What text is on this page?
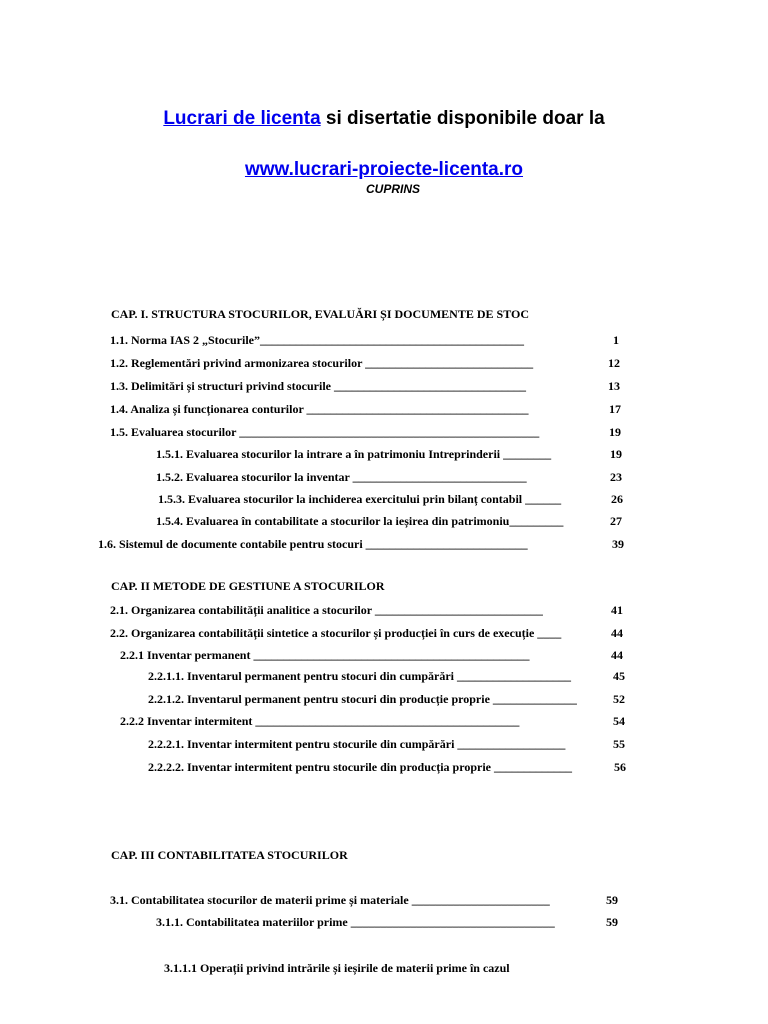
Lucrari de licenta si disertatie disponibile doar la
www.lucrari-proiecte-licenta.ro
CUPRINS
CAP. I. STRUCTURA STOCURILOR, EVALUĂRI ȘI DOCUMENTE DE STOC
1.1. Norma IAS 2 „Stocurile”____________________________________________	1
1.2. Reglementări privind armonizarea stocurilor ____________________________	12
1.3. Delimitări și structuri privind stocurile ________________________________	13
1.4. Analiza și funcționarea conturilor _____________________________________	17
1.5. Evaluarea stocurilor __________________________________________________	19
1.5.1. Evaluarea stocurilor la intrare a în patrimoniu Intreprinderii ________	19
1.5.2. Evaluarea stocurilor la inventar _____________________________	23
1.5.3. Evaluarea stocurilor la inchiderea exercitului prin bilanț contabil ______	26
1.5.4. Evaluarea în contabilitate a stocurilor la ieșirea din patrimoniu_________	27
1.6. Sistemul de documente contabile pentru stocuri ___________________________	39
CAP. II METODE DE GESTIUNE A STOCURILOR
2.1. Organizarea contabilității analitice a stocurilor ____________________________	41
2.2. Organizarea contabilității sintetice a stocurilor și producției în curs de execuție ____	44
2.2.1 Inventar permanent ______________________________________________	44
2.2.1.1. Inventarul permanent pentru stocuri din cumpărări ___________________	45
2.2.1.2. Inventarul permanent pentru stocuri din producție proprie ______________	52
2.2.2 Inventar intermitent ____________________________________________	54
2.2.2.1. Inventar intermitent pentru stocurile din cumpărări __________________	55
2.2.2.2. Inventar intermitent pentru stocurile din producția proprie _____________	56
CAP. III CONTABILITATEA STOCURILOR
3.1. Contabilitatea stocurilor de materii prime și materiale _______________________	59
3.1.1. Contabilitatea materiilor prime __________________________________	59
3.1.1.1 Operații privind intrările și ieșirile de materii prime în cazul
